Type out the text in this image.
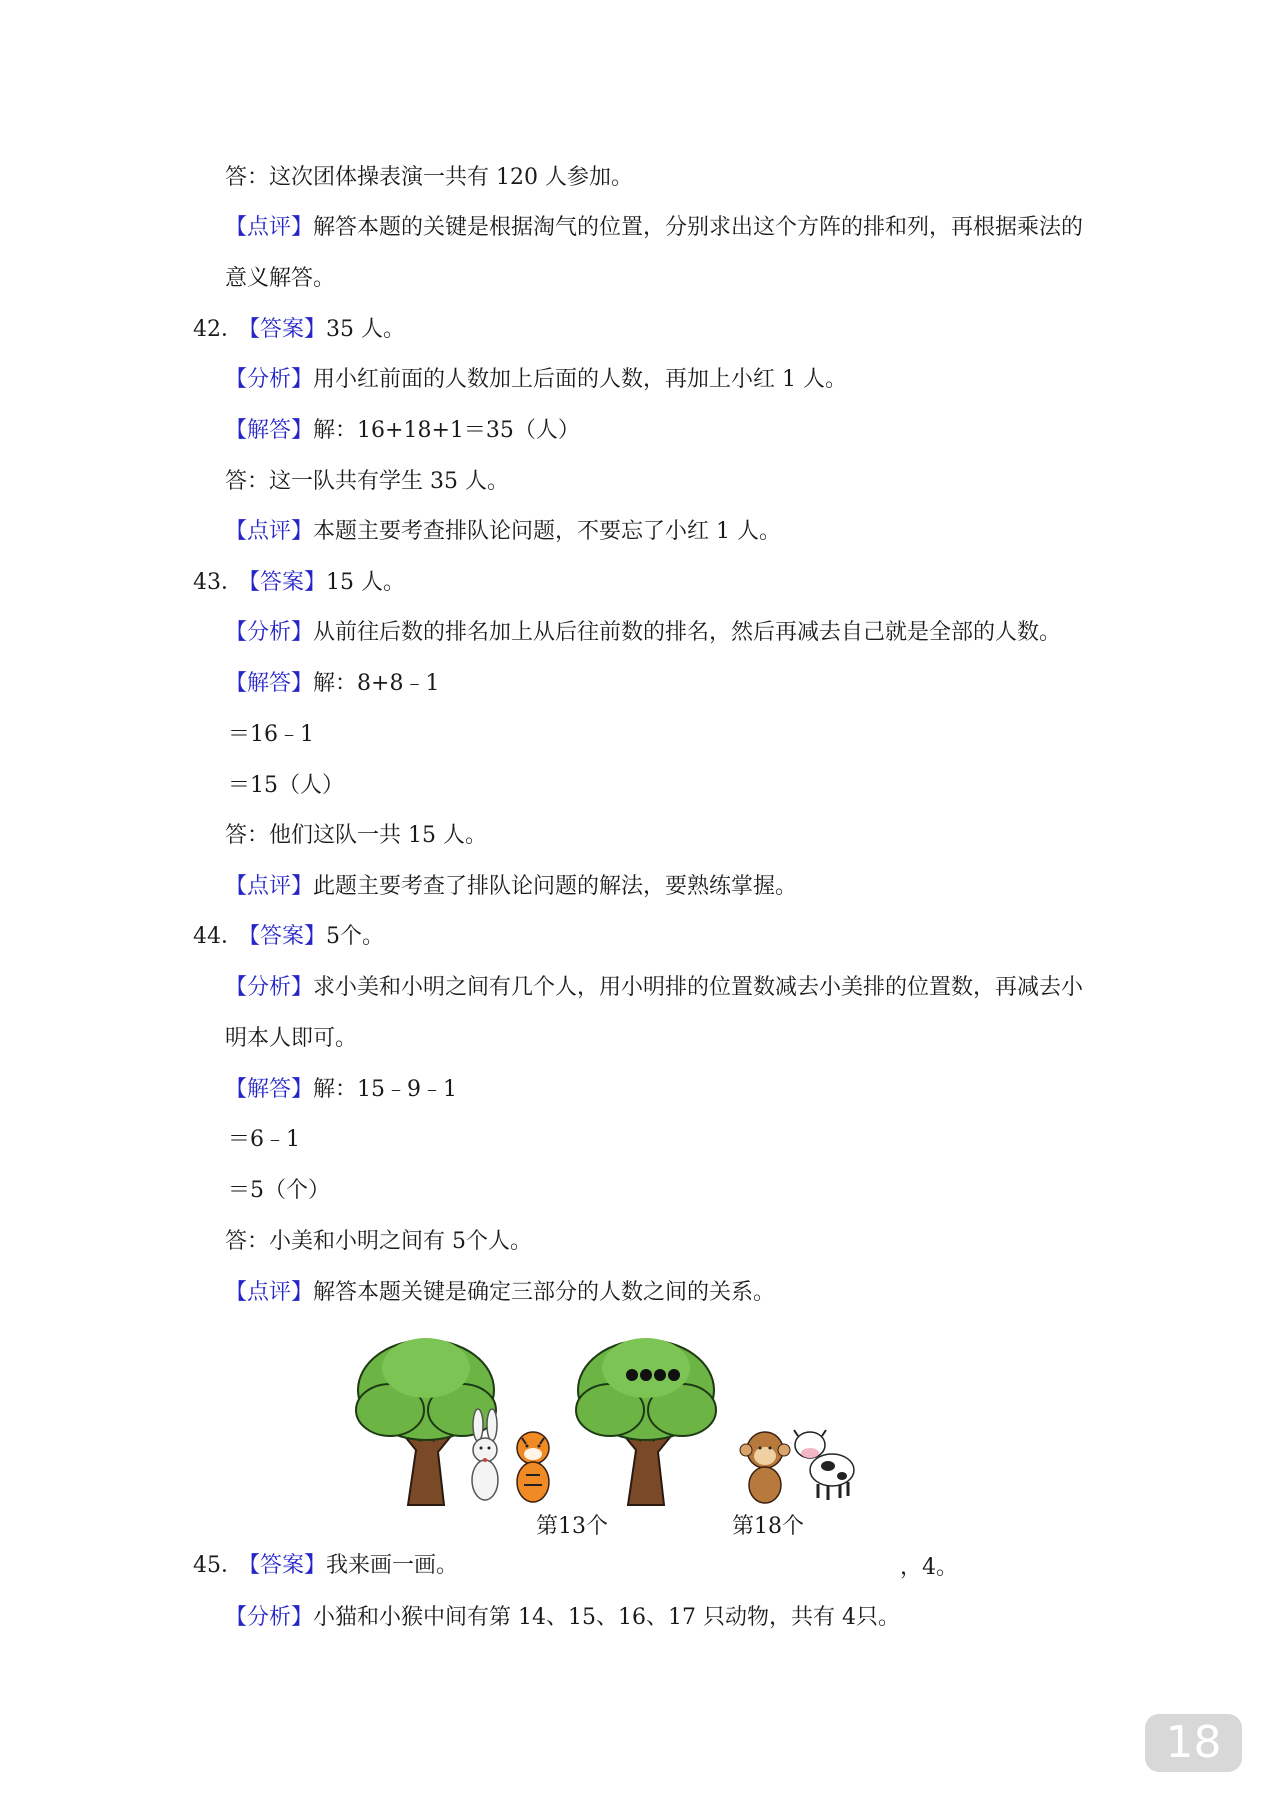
答：这次团体操表演一共有 120 人参加。
【点评】解答本题的关键是根据淘气的位置，分别求出这个方阵的排和列，再根据乘法的
意义解答。
42． 【答案】35 人。
【分析】用小红前面的人数加上后面的人数，再加上小红 1 人。
【解答】解：16+18+1＝35（人）
答：这一队共有学生 35 人。
【点评】本题主要考查排队论问题，不要忘了小红 1 人。
43． 【答案】15 人。
【分析】从前往后数的排名加上从后往前数的排名，然后再减去自己就是全部的人数。
【解答】解：8+8﹣1
＝16﹣1
＝15（人）
答：他们这队一共 15 人。
【点评】此题主要考查了排队论问题的解法，要熟练掌握。
44． 【答案】5个。
【分析】求小美和小明之间有几个人，用小明排的位置数减去小美排的位置数，再减去小
明本人即可。
【解答】解：15﹣9﹣1
＝6﹣1
＝5（个）
答：小美和小明之间有 5个人。
【点评】解答本题关键是确定三部分的人数之间的关系。
第13个	第18个
45． 【答案】我来画一画。	，4。
【分析】小猫和小猴中间有第 14、15、16、17 只动物，共有 4只。
18
